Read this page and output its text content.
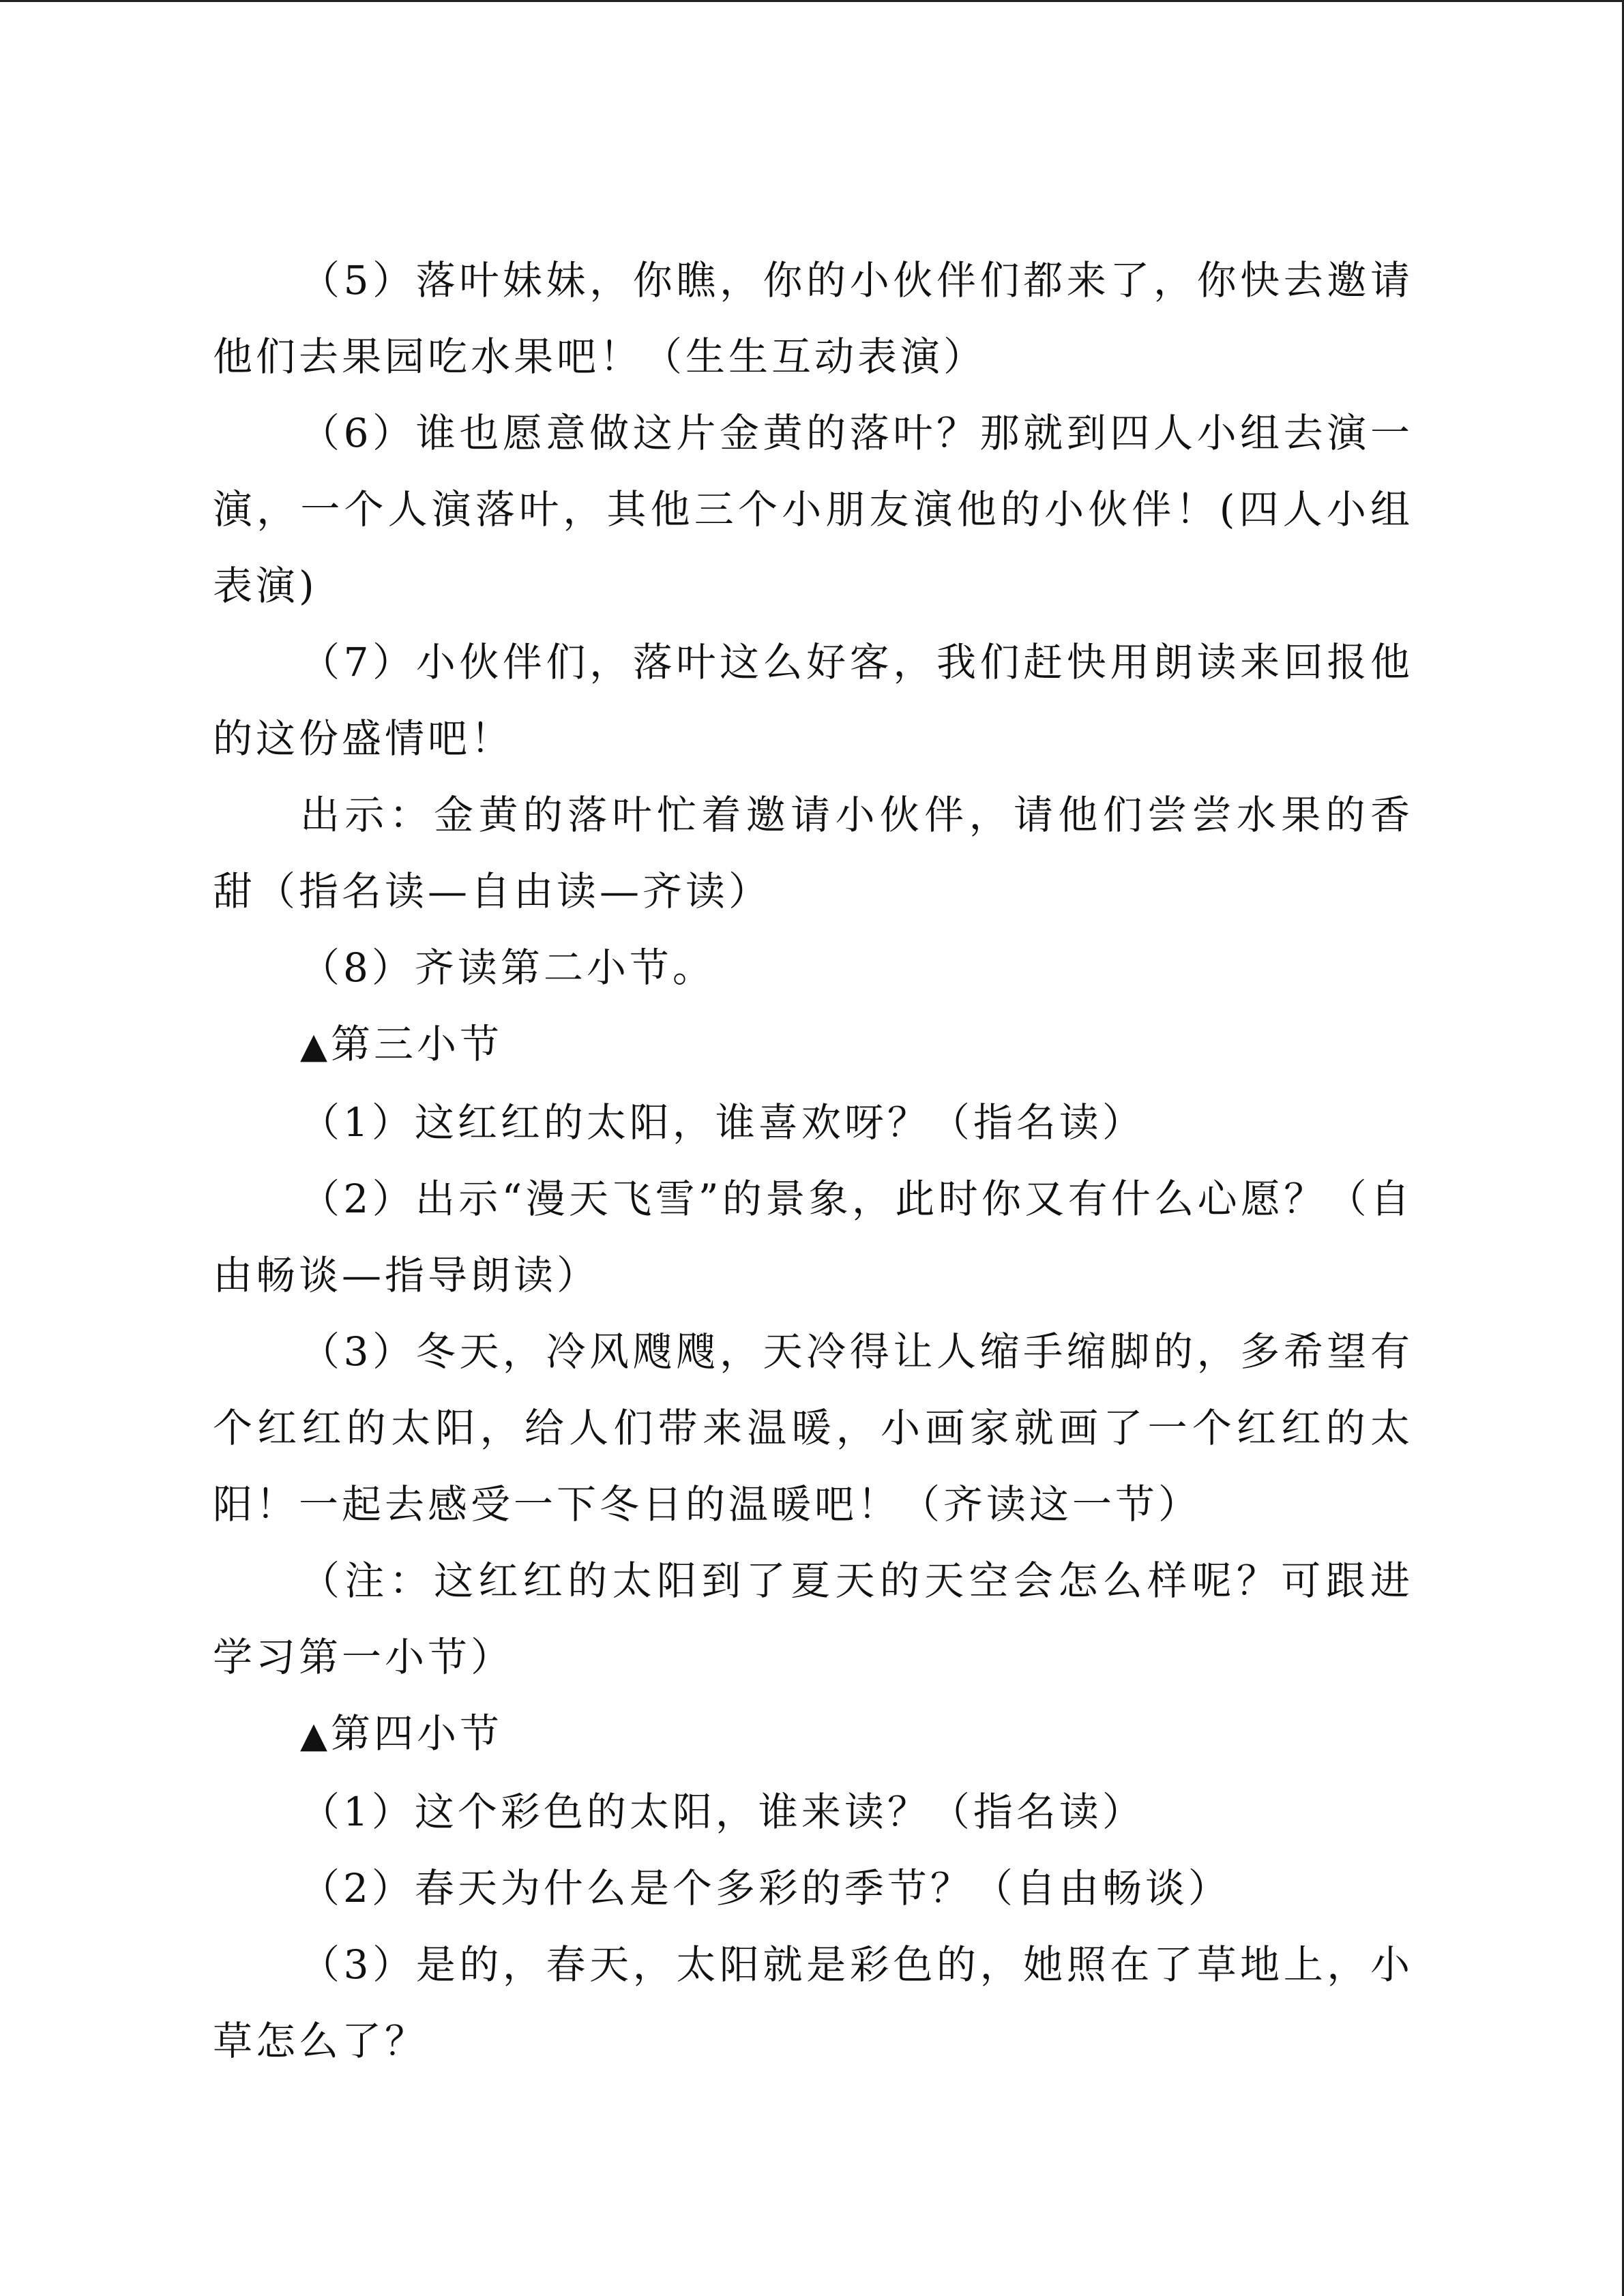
（5）落叶妹妹，你瞧，你的小伙伴们都来了，你快去邀请他们去果园吃水果吧！（生生互动表演）

（6）谁也愿意做这片金黄的落叶？那就到四人小组去演一演，一个人演落叶，其他三个小朋友演他的小伙伴！(四人小组表演)

（7）小伙伴们，落叶这么好客，我们赶快用朗读来回报他的这份盛情吧！

出示：金黄的落叶忙着邀请小伙伴，请他们尝尝水果的香甜（指名读—自由读—齐读）

（8）齐读第二小节。

▲第三小节

（1）这红红的太阳，谁喜欢呀？（指名读）

（2）出示“漫天飞雪”的景象，此时你又有什么心愿？（自由畅谈—指导朗读）

（3）冬天，冷风飕飕，天冷得让人缩手缩脚的，多希望有个红红的太阳，给人们带来温暖，小画家就画了一个红红的太阳！一起去感受一下冬日的温暖吧！（齐读这一节）

（注：这红红的太阳到了夏天的天空会怎么样呢？可跟进学习第一小节）

▲第四小节

（1）这个彩色的太阳，谁来读？（指名读）

（2）春天为什么是个多彩的季节？（自由畅谈）

（3）是的，春天，太阳就是彩色的，她照在了草地上，小草怎么了？
